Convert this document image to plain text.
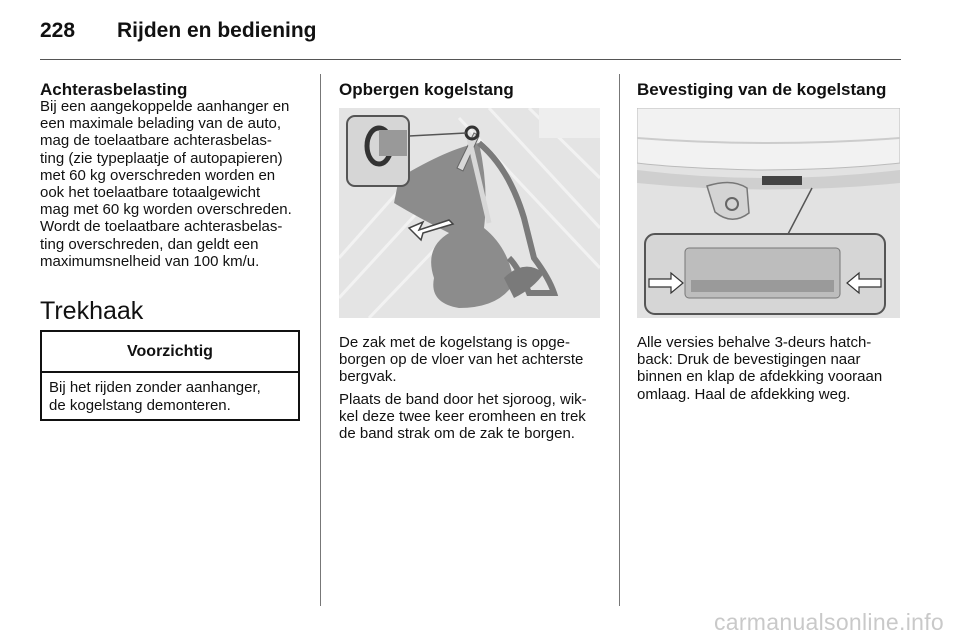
228 Rijden en bediening
Achterasbelasting
Bij een aangekoppelde aanhanger en
een maximale belading van de auto,
mag de toelaatbare achterasbelas-
ting (zie typeplaatje of autopapieren)
met 60 kg overschreden worden en
ook het toelaatbare totaalgewicht
mag met 60 kg worden overschreden.
Wordt de toelaatbare achterasbelas-
ting overschreden, dan geldt een
maximumsnelheid van 100 km/u.
Trekhaak
Voorzichtig
Bij het rijden zonder aanhanger,
de kogelstang demonteren.
Opbergen kogelstang
De zak met de kogelstang is opge-
borgen op de vloer van het achterste
bergvak.
Plaats de band door het sjoroog, wik-
kel deze twee keer eromheen en trek
de band strak om de zak te borgen.
Bevestiging van de kogelstang
Alle versies behalve 3-deurs hatch-
back: Druk de bevestigingen naar
binnen en klap de afdekking vooraan
omlaag. Haal de afdekking weg.
carmanualsonline.info
